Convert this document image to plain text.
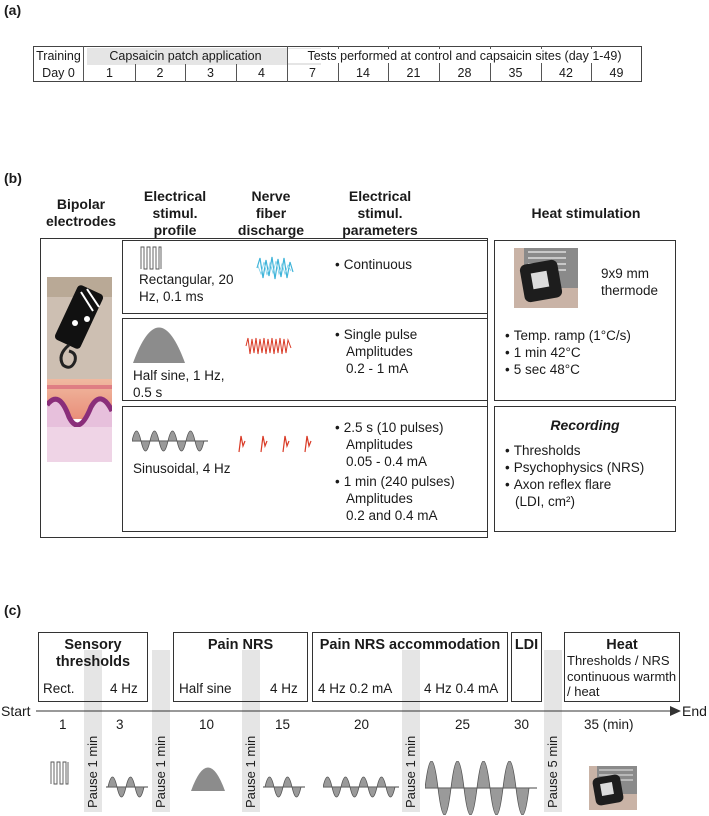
(a)
Training	Capsaicin patch application	Tests performed at control and capsaicin sites (day 1-49)
Day 0	1	2	3	4	7	14	21	28	35	42	49
(b)
Bipolar electrodes
Electrical stimul. profile
Nerve fiber discharge
Electrical stimul. parameters
Heat stimulation
Rectangular, 20 Hz, 0.1 ms
• Continuous
Half sine, 1 Hz, 0.5 s
• Single pulse
Amplitudes
0.2 - 1 mA
Sinusoidal, 4 Hz
• 2.5 s (10 pulses)
Amplitudes
0.05 - 0.4 mA
• 1 min (240 pulses)
Amplitudes
0.2 and 0.4 mA
9x9 mm thermode
• Temp. ramp (1°C/s)
• 1 min 42°C
• 5 sec 48°C
Recording
• Thresholds
• Psychophysics (NRS)
• Axon reflex flare
(LDI, cm²)
(c)
Sensory thresholds
Pain NRS	Pain NRS accommodation	LDI	Heat
Thresholds / NRS continuous warmth / heat
Rect.	4 Hz	Half sine	4 Hz 4 Hz 0.2 mA 4 Hz 0.4 mA
Start	End
1	3	10	15	20	25	30	35 (min)
Pause 1 min	Pause 1 min	Pause 1 min	Pause 1 min	Pause 5 min
